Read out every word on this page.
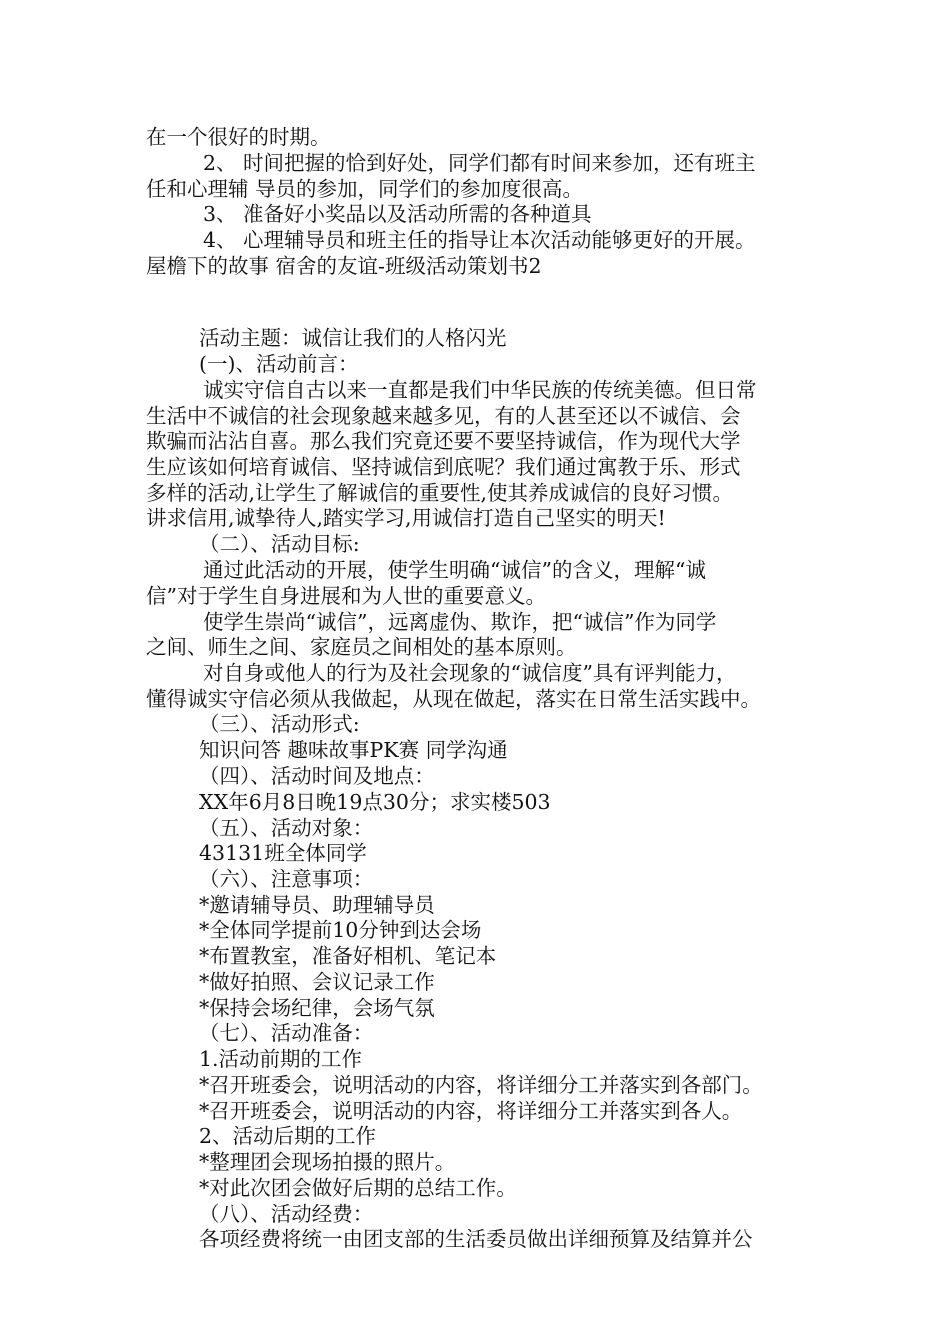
在一个很好的时期。
2、 时间把握的恰到好处，同学们都有时间来参加，还有班主
任和心理辅 导员的参加，同学们的参加度很高。
3、 准备好小奖品以及活动所需的各种道具
4、 心理辅导员和班主任的指导让本次活动能够更好的开展。
屋檐下的故事 宿舍的友谊-班级活动策划书2
活动主题：诚信让我们的人格闪光
(一)、活动前言：
诚实守信自古以来一直都是我们中华民族的传统美德。但日常
生活中不诚信的社会现象越来越多见，有的人甚至还以不诚信、会
欺骗而沾沾自喜。那么我们究竟还要不要坚持诚信，作为现代大学
生应该如何培育诚信、坚持诚信到底呢？我们通过寓教于乐、形式
多样的活动,让学生了解诚信的重要性,使其养成诚信的良好习惯。
讲求信用,诚挚待人,踏实学习,用诚信打造自己坚实的明天!
（二）、活动目标:
通过此活动的开展，使学生明确“诚信”的含义，理解“诚
信”对于学生自身进展和为人世的重要意义。
使学生崇尚“诚信”，远离虚伪、欺诈，把“诚信”作为同学
之间、师生之间、家庭员之间相处的基本原则。
对自身或他人的行为及社会现象的“诚信度”具有评判能力，
懂得诚实守信必须从我做起，从现在做起，落实在日常生活实践中。
（三）、活动形式:
知识问答 趣味故事PK赛 同学沟通
（四）、活动时间及地点：
XX年6月8日晚19点30分；求实楼503
（五）、活动对象：
43131班全体同学
（六）、注意事项：
*邀请辅导员、助理辅导员
*全体同学提前10分钟到达会场
*布置教室，准备好相机、笔记本
*做好拍照、会议记录工作
*保持会场纪律，会场气氛
（七）、活动准备：
1.活动前期的工作
*召开班委会，说明活动的内容，将详细分工并落实到各部门。
*召开班委会，说明活动的内容，将详细分工并落实到各人。
2、活动后期的工作
*整理团会现场拍摄的照片。
*对此次团会做好后期的总结工作。
（八）、活动经费：
各项经费将统一由团支部的生活委员做出详细预算及结算并公
